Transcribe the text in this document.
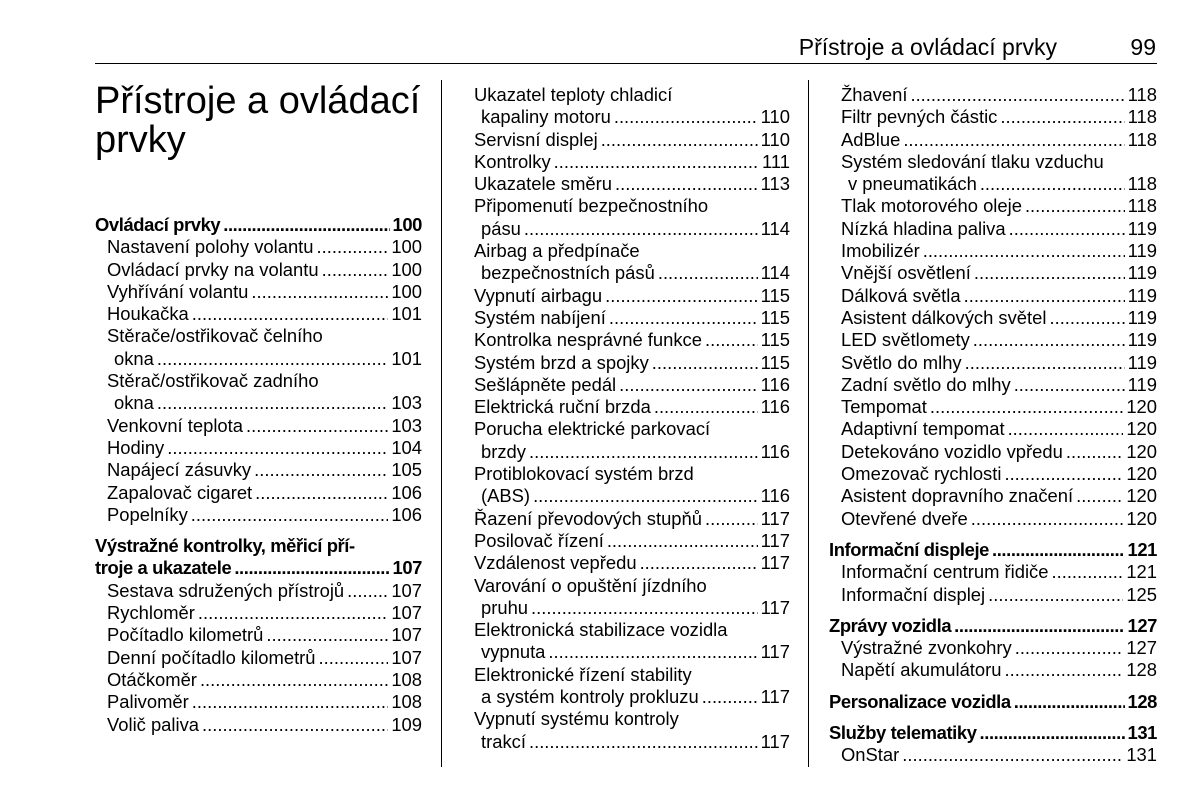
Přístroje a ovládací prvky	99
Přístroje a ovládací prvky
Ovládací prvky .....	100
Nastavení polohy volantu .....	100
Ovládací prvky na volantu .....	100
Vyhřívání volantu .....	100
Houkačka .....	101
Stěrače/ostřikovač čelního
okna .....	101
Stěrač/ostřikovač zadního
okna .....	103
Venkovní teplota .....	103
Hodiny .....	104
Napájecí zásuvky .....	105
Zapalovač cigaret .....	106
Popelníky .....	106
Výstražné kontrolky, měřicí pří-
troje a ukazatele .....	107
Sestava sdružených přístrojů .....	107
Rychloměr .....	107
Počítadlo kilometrů .....	107
Denní počítadlo kilometrů .....	107
Otáčkoměr .....	108
Palivoměr .....	108
Volič paliva .....	109
Ukazatel teploty chladicí
kapaliny motoru .....	110
Servisní displej .....	110
Kontrolky .....	111
Ukazatele směru .....	113
Připomenutí bezpečnostního
pásu .....	114
Airbag a předpínače
bezpečnostních pásů .....	114
Vypnutí airbagu .....	115
Systém nabíjení .....	115
Kontrolka nesprávné funkce .....	115
Systém brzd a spojky .....	115
Sešlápněte pedál .....	116
Elektrická ruční brzda .....	116
Porucha elektrické parkovací
brzdy .....	116
Protiblokovací systém brzd
(ABS) .....	116
Řazení převodových stupňů .....	117
Posilovač řízení .....	117
Vzdálenost vepředu .....	117
Varování o opuštění jízdního
pruhu .....	117
Elektronická stabilizace vozidla
vypnuta .....	117
Elektronické řízení stability
a systém kontroly prokluzu .....	117
Vypnutí systému kontroly
trakcí .....	117
Žhavení .....	118
Filtr pevných částic .....	118
AdBlue .....	118
Systém sledování tlaku vzduchu
v pneumatikách .....	118
Tlak motorového oleje .....	118
Nízká hladina paliva .....	119
Imobilizér .....	119
Vnější osvětlení .....	119
Dálková světla .....	119
Asistent dálkových světel .....	119
LED světlomety .....	119
Světlo do mlhy .....	119
Zadní světlo do mlhy .....	119
Tempomat .....	120
Adaptivní tempomat .....	120
Detekováno vozidlo vpředu .....	120
Omezovač rychlosti .....	120
Asistent dopravního značení .....	120
Otevřené dveře .....	120
Informační displeje .....	121
Informační centrum řidiče .....	121
Informační displej .....	125
Zprávy vozidla .....	127
Výstražné zvonkohry .....	127
Napětí akumulátoru .....	128
Personalizace vozidla .....	128
Služby telematiky .....	131
OnStar .....	131
